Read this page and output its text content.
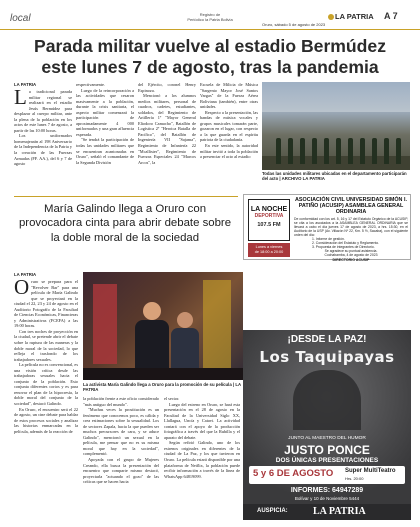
local	Registro de
Periódico la Patria Bolivia
Oruro, sábado 5 de agosto de 2023
LA PATRIA A 7
Parada militar vuelve al estadio Bermúdez este lunes 7 de agosto, tras la pandemia
LA PATRIA
L a tradicional parada militar regional se realizará en el estadio Jesús Bermúdez para desplazar al cuerpo militar, ante la plena de la población en los actos de este lunes 7 de agosto, a partir de las 10:00 horas.

Los uniformados homenajearán al 198 Aniversario de la Independencia de la Patria y la creación de las Fuerzas Armadas (FF. AA.), del 6 y 7 de agosto

respectivamente.

Luego de la reincorporación a las actividades que cesaron masivamente a la población, durante la crisis sanitaria, el aspecto militar comenzará la participación de aproximadamente 4 000 uniformados y una gran afluencia esperada.

"Se tendrá la participación de todas las unidades militares que se encuentran acantonadas en Oruro", señaló el comandante de la Segunda División

del Ejército, coronel Henry Espinoza.

Mencionó a los alumnos medios militares, personal de cuadros, cadetes, estudiantes, soldados, del Regimiento de Artillería 1º "Mayor General Eliodoro Camacho", Batallón de Logística 2º "Heroica Batalla de Pacífico", del Batallón de Ingeniería VII "Sajama", Regimiento de Infantería 22 "Mcallister", Regimiento de Fuerzas Especiales 24 "Marcos Arcos", la

Escuela de Milicia de Música "Sargento Mayor José Santos Vargas" de la Fuerza Aérea Boliviana (también), entre otras unidades.

Respecto a la presentación, las bandas de música vocales y grupos musicales tomarán parte, gozaron en el lugar, con respecto a la que guarda en el espíritu patriota de la ciudadanía.

En este sentido, la autoridad militar invitó a toda la población a presenciar el acto al estadio

Todas las unidades militares ubicadas en el departamento participarán del acto | ARCHIVO LA PATRIA
María Galindo llega a Oruro con provocadora cinta para abrir debate sobre la doble moral de la sociedad
LA PATRIA
O ruro se prepara para el "Revolver Bar" para una película de María Galindo que se proyectará en la ciudad el 22, 23 y 24 de agosto en el Auditorio Fotográfo de la Facultad de Ciencias Económicas, Financieras y Administrativas (FCEFA) a las 19:00 horas.

Con tres noches de proyección en la ciudad, se pretende abrir el debate sobre la ruptura de las maneras y la doble moral de la sociedad, lo que refleja el trasfondo de los trabajadores sexuales.

La película no es convencional, es una visión crítica desde las trabajadoras sexuales hacia el conjunto de la población. Esto conjunta diferentes cortos y es para renovar el plan de la hipocresía, la doble moral del conjunto de la sociedad", destacó Galindo.

En Oruro, el encuentro será el 22 de agosto, un cine debate para hablar de estos procesos sociales y analizar las historias enmarcadas en la película, además de la reacción de

La activista María Galindo llega a Oruro para la promoción de su película | LA PATRIA

la población frente a este oficio considerado "más antiguo del mundo".

"Muchas veces la prostitución es un fenómeno que conocemos poco, es cálida y crea estimaciones sobre la sexualidad. Los de sectores Zapala, hacia la que pueden ser muchos precursores de cara, y se aduce Galindo", mencionó un sexual en la película, me pensar que no es su misma moral que hay en la sociedad", complementó.

Apoyada con el grupo de Mujeres Creando, ella busca la presentación del encuentro que comparte mismo destacó, proyectarla "actuando el gozo" de las críticas que se hacen hacia

el sector.

Luego del estreno en Oruro, se hará esta presentación en el 28 de agosto en la Facultad de la Universidad Siglo XX, Llallagua, Uncía y Catavi. La actividad contará con el apoyo de la producción fotográfica a través del que la Rubilla y el aparato del debate.

Según refirió Galindo, uno de los estrenos originales en diferentes de la ciudad de La Paz, y los que tuvieron en Oruro. La película estará disponible por una plataforma de Netflix, la población puede recibir información a través de la línea de WhatsApp 64819099.

LA NOCHE
DEPORTIVA
107.5 FM
Lunes a viernes
de 18:00 a 20:00
ASOCIACIÓN CIVIL UNIVERSIDAD SIMÓN I. PATIÑO (ACUSIP) ASAMBLEA GENERAL ORDINARIA
De conformidad con los art. 5, 16 y 17 del Estatuto Orgánico de la ACUSIP, se cita a los asociados a la ASAMBLEA GENERAL ORDINARIA que se llevará a cabo el día jueves 17 de agosto de 2023, a hrs. 15:30, en el Auditorio de la USP (Av. Villazón Nº 22, Km. 5 ½, Sacaba), con el siguiente orden del día:
1. Informe de gestión.
2. Consideración del Estatuto y Reglamento.
3. Propuesta de integrantes de Directorio.
Se agradece su puntual asistencia.
Cochabamba, 4 de agosto de 2023
DIRECTORIO ACUSIP
¡DESDE LA PAZ!
Los Taquipayas
JUNTO AL MAESTRO DEL HUMOR
JUSTO PONCE
DOS ÚNICAS PRESENTACIONES
5 y 6 DE AGOSTO Super MultiTeatro
Hrs. 20:00
INFORMES: 64947289
Bolívar y 10 de Noviembre 5444
AUSPICIA:	LA PATRIA
